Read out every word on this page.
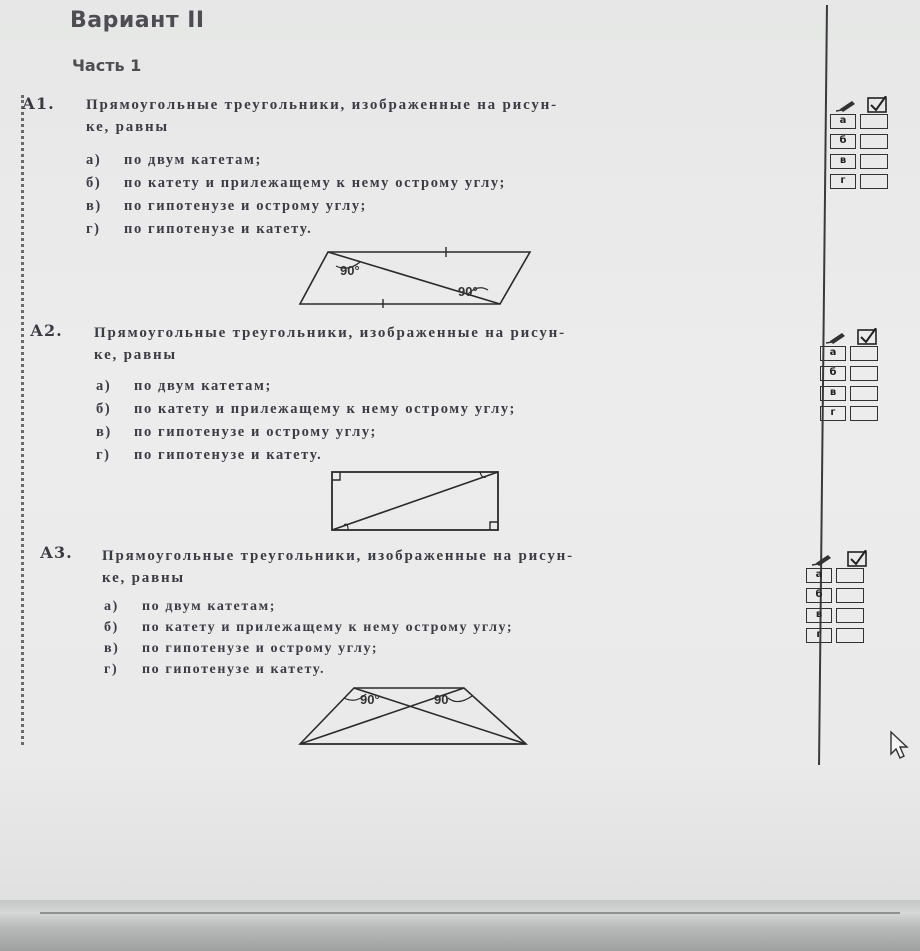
Вариант II
Часть 1
А1. Прямоугольные треугольники, изображенные на рисун-
ке, равны
а) по двум катетам;
б) по катету и прилежащему к нему острому углу;
в) по гипотенузе и острому углу;
г) по гипотенузе и катету.
90°
90°
а
б
в
г
А2. Прямоугольные треугольники, изображенные на рисун-
ке, равны
а) по двум катетам;
б) по катету и прилежащему к нему острому углу;
в) по гипотенузе и острому углу;
г) по гипотенузе и катету.
а
б
в
г
А3. Прямоугольные треугольники, изображенные на рисун-
ке, равны
а) по двум катетам;
б) по катету и прилежащему к нему острому углу;
в) по гипотенузе и острому углу;
г) по гипотенузе и катету.
90°	90
а
б
в
г
